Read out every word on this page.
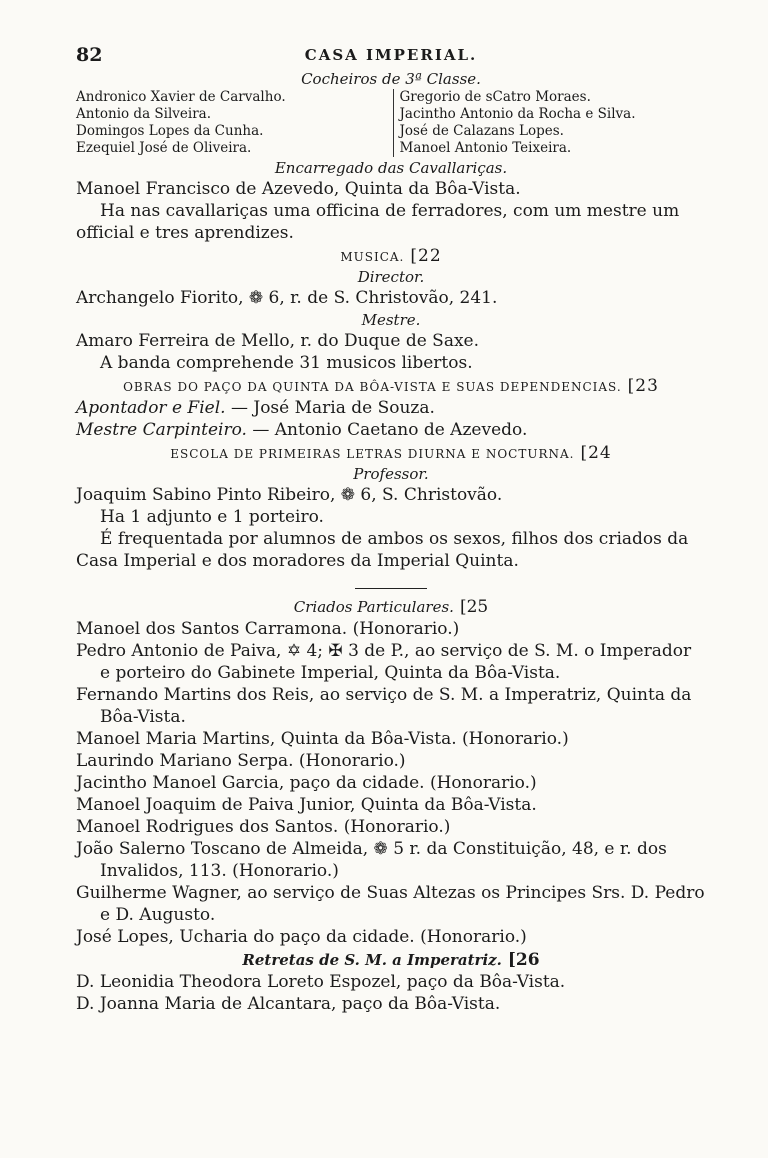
82	CASA IMPERIAL.
Cocheiros de 3ª Classe.
Andronico Xavier de Carvalho.
Antonio da Silveira.
Domingos Lopes da Cunha.
Ezequiel José de Oliveira.
Gregorio de sCatro Moraes.
Jacintho Antonio da Rocha e Silva.
José de Calazans Lopes.
Manoel Antonio Teixeira.
Encarregado das Cavallariças.
Manoel Francisco de Azevedo, Quinta da Bôa-Vista.
Ha nas cavallariças uma officina de ferradores, com um mestre um official e tres aprendizes.
MUSICA. [22
Director.
Archangelo Fiorito, ❁ 6, r. de S. Christovão, 241.
Mestre.
Amaro Ferreira de Mello, r. do Duque de Saxe.
A banda comprehende 31 musicos libertos.
OBRAS DO PAÇO DA QUINTA DA BÔA-VISTA E SUAS DEPENDENCIAS. [23
Apontador e Fiel. — José Maria de Souza.
Mestre Carpinteiro. — Antonio Caetano de Azevedo.
ESCOLA DE PRIMEIRAS LETRAS DIURNA E NOCTURNA. [24
Professor.
Joaquim Sabino Pinto Ribeiro, ❁ 6, S. Christovão.
Ha 1 adjunto e 1 porteiro.
É frequentada por alumnos de ambos os sexos, filhos dos criados da Casa Imperial e dos moradores da Imperial Quinta.
Criados Particulares. [25
Manoel dos Santos Carramona. (Honorario.)
Pedro Antonio de Paiva, ✡ 4; ✠ 3 de P., ao serviço de S. M. o Imperador e porteiro do Gabinete Imperial, Quinta da Bôa-Vista.
Fernando Martins dos Reis, ao serviço de S. M. a Imperatriz, Quinta da Bôa-Vista.
Manoel Maria Martins, Quinta da Bôa-Vista. (Honorario.)
Laurindo Mariano Serpa. (Honorario.)
Jacintho Manoel Garcia, paço da cidade. (Honorario.)
Manoel Joaquim de Paiva Junior, Quinta da Bôa-Vista.
Manoel Rodrigues dos Santos. (Honorario.)
João Salerno Toscano de Almeida, ❁ 5 r. da Constituição, 48, e r. dos Invalidos, 113. (Honorario.)
Guilherme Wagner, ao serviço de Suas Altezas os Principes Srs. D. Pedro e D. Augusto.
José Lopes, Ucharia do paço da cidade. (Honorario.)
Retretas de S. M. a Imperatriz. [26
D. Leonidia Theodora Loreto Espozel, paço da Bôa-Vista.
D. Joanna Maria de Alcantara, paço da Bôa-Vista.
